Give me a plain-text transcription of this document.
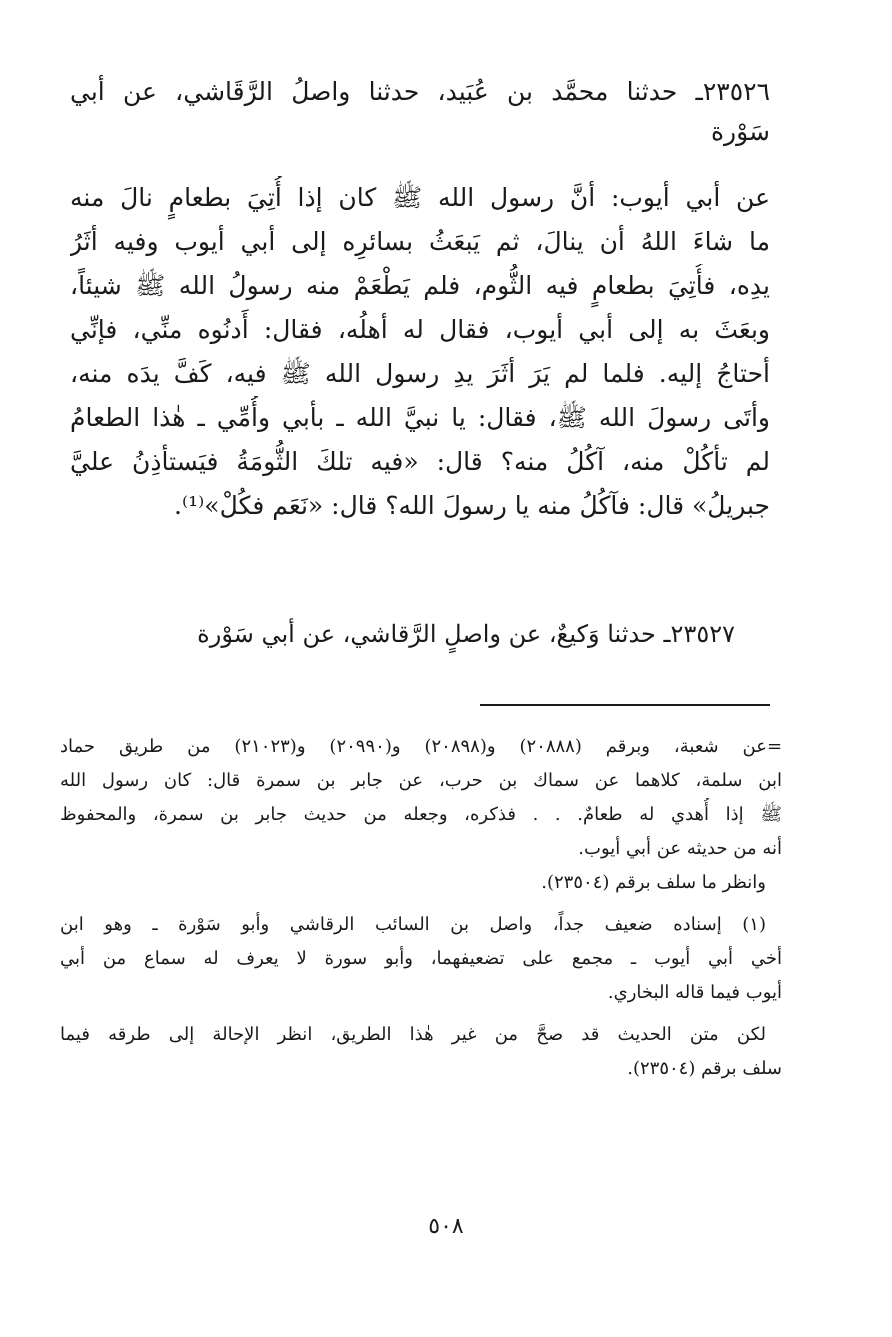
٢٣٥٢٦ـ حدثنا محمَّد بن عُبَيد، حدثنا واصلُ الرَّقَاشي، عن أبي
سَوْرة
عن أبي أيوب: أنَّ رسول الله ﷺ كان إذا أُتِيَ بطعامٍ نالَ منه
ما شاءَ اللهُ أن ينالَ، ثم يَبعَثُ بسائرِه إلى أبي أيوب وفيه أثَرُ
يدِه، فأُتِيَ بطعامٍ فيه الثُّوم، فلم يَطْعَمْ منه رسولُ الله ﷺ شيئاً،
وبعَثَ به إلى أبي أيوب، فقال له أهلُه، فقال: أَدنُوه منِّي، فإنِّي
أحتاجُ إليه. فلما لم يَرَ أثَرَ يدِ رسول الله ﷺ فيه، كَفَّ يدَه منه،
وأتَى رسولَ الله ﷺ، فقال: يا نبيَّ الله ـ بأبي وأُمِّي ـ هٰذا الطعامُ
لم تأكُلْ منه، آكُلُ منه؟ قال: «فيه تلكَ الثُّومَةُ فيَستأذِنُ عليَّ
جبريلُ» قال: فآكُلُ منه يا رسولَ الله؟ قال: «نَعَم فكُلْ»⁽¹⁾.
٢٣٥٢٧ـ حدثنا وَكيعٌ، عن واصلٍ الرَّقاشي، عن أبي سَوْرة
=عن شعبة، وبرقم (٢٠٨٨٨) و(٢٠٨٩٨) و(٢٠٩٩٠) و(٢١٠٢٣) من طريق حماد
ابن سلمة، كلاهما عن سماك بن حرب، عن جابر بن سمرة قال: كان رسول الله
ﷺ إذا أُهدي له طعامٌ. . . فذكره، وجعله من حديث جابر بن سمرة، والمحفوظ
أنه من حديثه عن أبي أيوب.
وانظر ما سلف برقم (٢٣٥٠٤).
(١) إسناده ضعيف جداً، واصل بن السائب الرقاشي وأبو سَوْرة ـ وهو ابن
أخي أبي أيوب ـ مجمع على تضعيفهما، وأبو سورة لا يعرف له سماع من أبي
أيوب فيما قاله البخاري.
لكن متن الحديث قد صحَّ من غير هٰذا الطريق، انظر الإحالة إلى طرقه فيما
سلف برقم (٢٣٥٠٤).
٥٠٨
